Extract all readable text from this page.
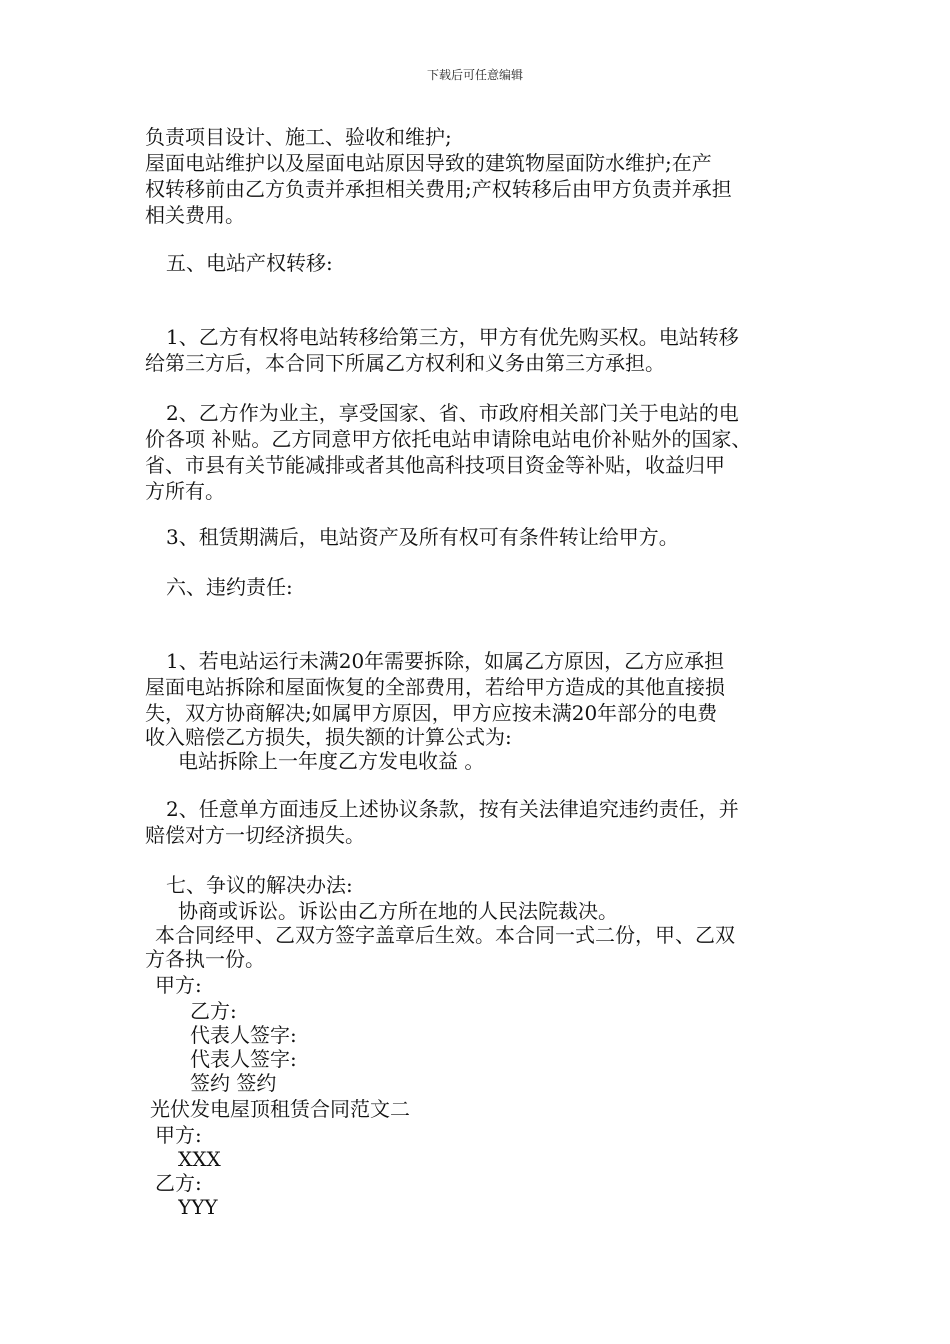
下载后可任意编辑
负责项目设计、施工、验收和维护;
屋面电站维护以及屋面电站原因导致的建筑物屋面防水维护;在产
权转移前由乙方负责并承担相关费用;产权转移后由甲方负责并承担
相关费用。
五、电站产权转移:
1、乙方有权将电站转移给第三方，甲方有优先购买权。电站转移
给第三方后，本合同下所属乙方权利和义务由第三方承担。
2、乙方作为业主，享受国家、省、市政府相关部门关于电站的电
价各项 补贴。乙方同意甲方依托电站申请除电站电价补贴外的国家、
省、市县有关节能减排或者其他高科技项目资金等补贴，收益归甲
方所有。
3、租赁期满后，电站资产及所有权可有条件转让给甲方。
六、违约责任:
1、若电站运行未满20年需要拆除，如属乙方原因，乙方应承担
屋面电站拆除和屋面恢复的全部费用，若给甲方造成的其他直接损
失，双方协商解决;如属甲方原因，甲方应按未满20年部分的电费
收入赔偿乙方损失，损失额的计算公式为:
电站拆除上一年度乙方发电收益 。
2、任意单方面违反上述协议条款，按有关法律追究违约责任，并
赔偿对方一切经济损失。
七、争议的解决办法:
协商或诉讼。诉讼由乙方所在地的人民法院裁决。
本合同经甲、乙双方签字盖章后生效。本合同一式二份，甲、乙双
方各执一份。
甲方:
乙方:
代表人签字:
代表人签字:
签约 签约
光伏发电屋顶租赁合同范文二
甲方:
XXX
乙方:
YYY
